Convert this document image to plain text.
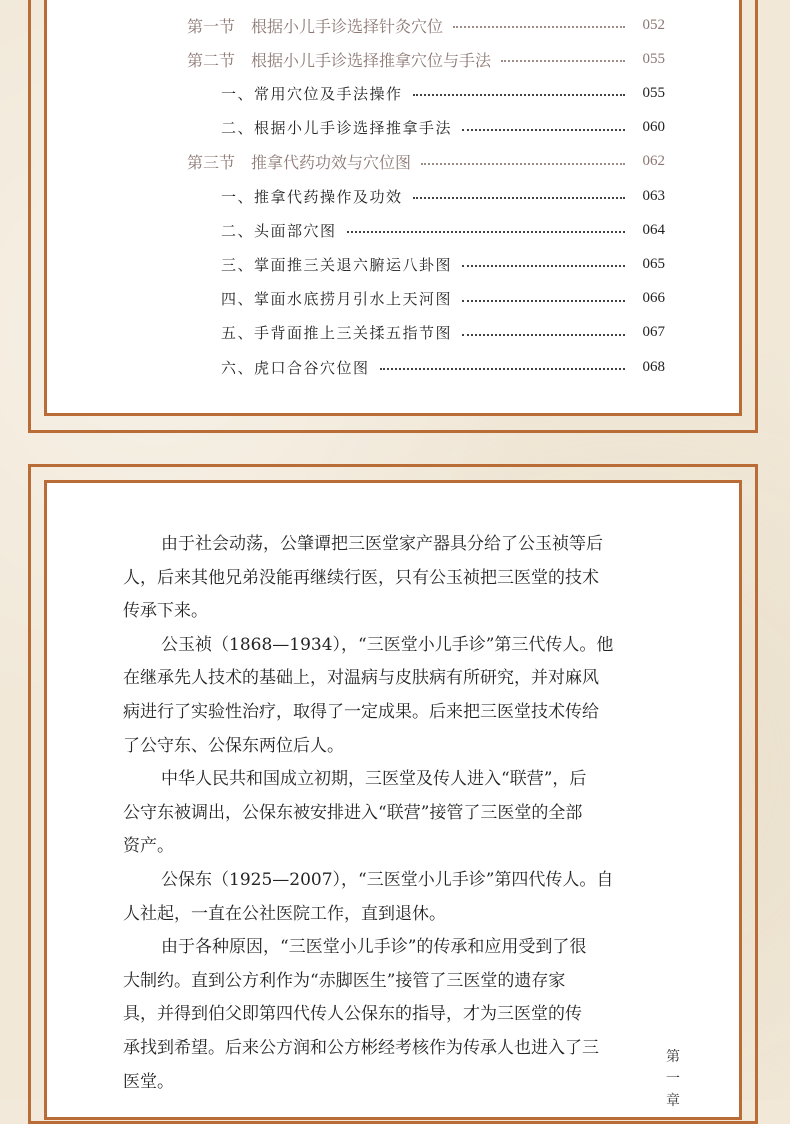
第一节　根据小儿手诊选择针灸穴位	052
第二节　根据小儿手诊选择推拿穴位与手法	055
一、常用穴位及手法操作	055
二、根据小儿手诊选择推拿手法	060
第三节　推拿代药功效与穴位图	062
一、推拿代药操作及功效	063
二、头面部穴图	064
三、掌面推三关退六腑运八卦图	065
四、掌面水底捞月引水上天河图	066
五、手背面推上三关揉五指节图	067
六、虎口合谷穴位图	068
由于社会动荡，公肇谭把三医堂家产器具分给了公玉祯等后
人，后来其他兄弟没能再继续行医，只有公玉祯把三医堂的技术
传承下来。
公玉祯（1868—1934），“三医堂小儿手诊”第三代传人。他
在继承先人技术的基础上，对温病与皮肤病有所研究，并对麻风
病进行了实验性治疗，取得了一定成果。后来把三医堂技术传给
了公守东、公保东两位后人。
中华人民共和国成立初期，三医堂及传人进入“联营”，后
公守东被调出，公保东被安排进入“联营”接管了三医堂的全部
资产。
公保东（1925—2007），“三医堂小儿手诊”第四代传人。自
人社起，一直在公社医院工作，直到退休。
由于各种原因，“三医堂小儿手诊”的传承和应用受到了很
大制约。直到公方利作为“赤脚医生”接管了三医堂的遗存家
具，并得到伯父即第四代传人公保东的指导，才为三医堂的传
承找到希望。后来公方润和公方彬经考核作为传承人也进入了三
医堂。
第一章
